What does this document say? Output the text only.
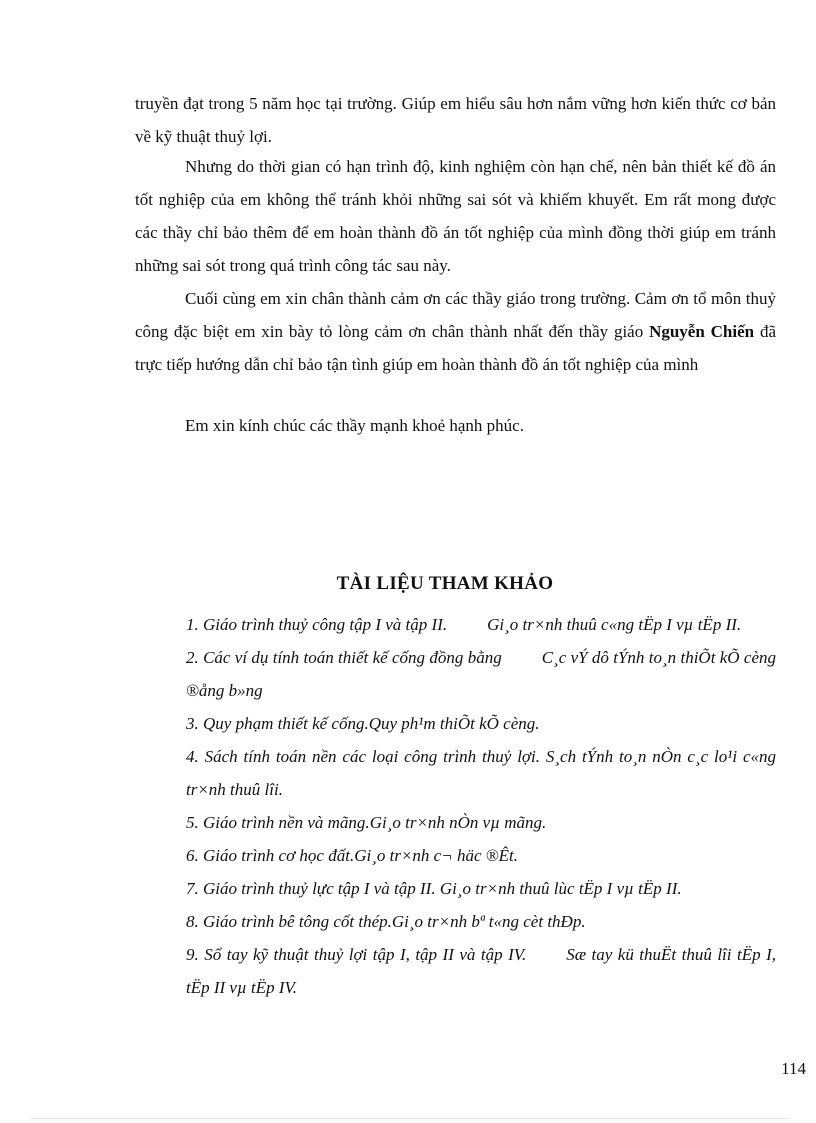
truyền đạt trong 5 năm học tại trường. Giúp em hiểu sâu hơn nắm vững hơn kiến thức cơ bản về kỹ thuật thuỷ lợi.

Nhưng do thời gian có hạn trình độ, kinh nghiệm còn hạn chế, nên bản thiết kế đồ án tốt nghiệp của em không thể tránh khỏi những sai sót và khiếm khuyết. Em rất mong được các thầy chỉ bảo thêm để em hoàn thành đồ án tốt nghiệp của mình đồng thời giúp em tránh những sai sót trong quá trình công tác sau này.

Cuối cùng em xin chân thành cảm ơn các thầy giáo trong trường. Cảm ơn tổ môn thuỷ công đặc biệt em xin bày tỏ lòng cảm ơn chân thành nhất đến thầy giáo Nguyễn Chiến đã trực tiếp hướng dẫn chỉ bảo tận tình giúp em hoàn thành đồ án tốt nghiệp của mình

Em xin kính chúc các thầy mạnh khoẻ hạnh phúc.

TÀI LIỆU THAM KHẢO
1. Giáo trình thuỷ công tập I và tập II. Gi¸o tr×nh thuû c«ng tËp I vµ tËp II.
2. Các ví dụ tính toán thiết kế cống đồng bằng C¸c vÝ dô tÝnh to¸n thiÕt kÕ cèng ®ång b»ng
3. Quy phạm thiết kế cống.Quy ph¹m thiÕt kÕ cèng.
4. Sách tính toán nền các loại công trình thuỷ lợi. S¸ch tÝnh to¸n nÒn c¸c lo¹i c«ng tr×nh thuû lîi.
5. Giáo trình nền và mãng.Gi¸o tr×nh nÒn vµ mãng.
6. Giáo trình cơ học đất.Gi¸o tr×nh c¬ häc ®Êt.
7. Giáo trình thuỷ lực tập I và tập II. Gi¸o tr×nh thuû lùc tËp I vµ tËp II.
8. Giáo trình bê tông cốt thép.Gi¸o tr×nh bª t«ng cèt thÐp.
9. Sổ tay kỹ thuật thuỷ lợi tập I, tập II và tập IV. Sæ tay kü thuËt thuû lîi tËp I, tËp II vµ tËp IV.
114
